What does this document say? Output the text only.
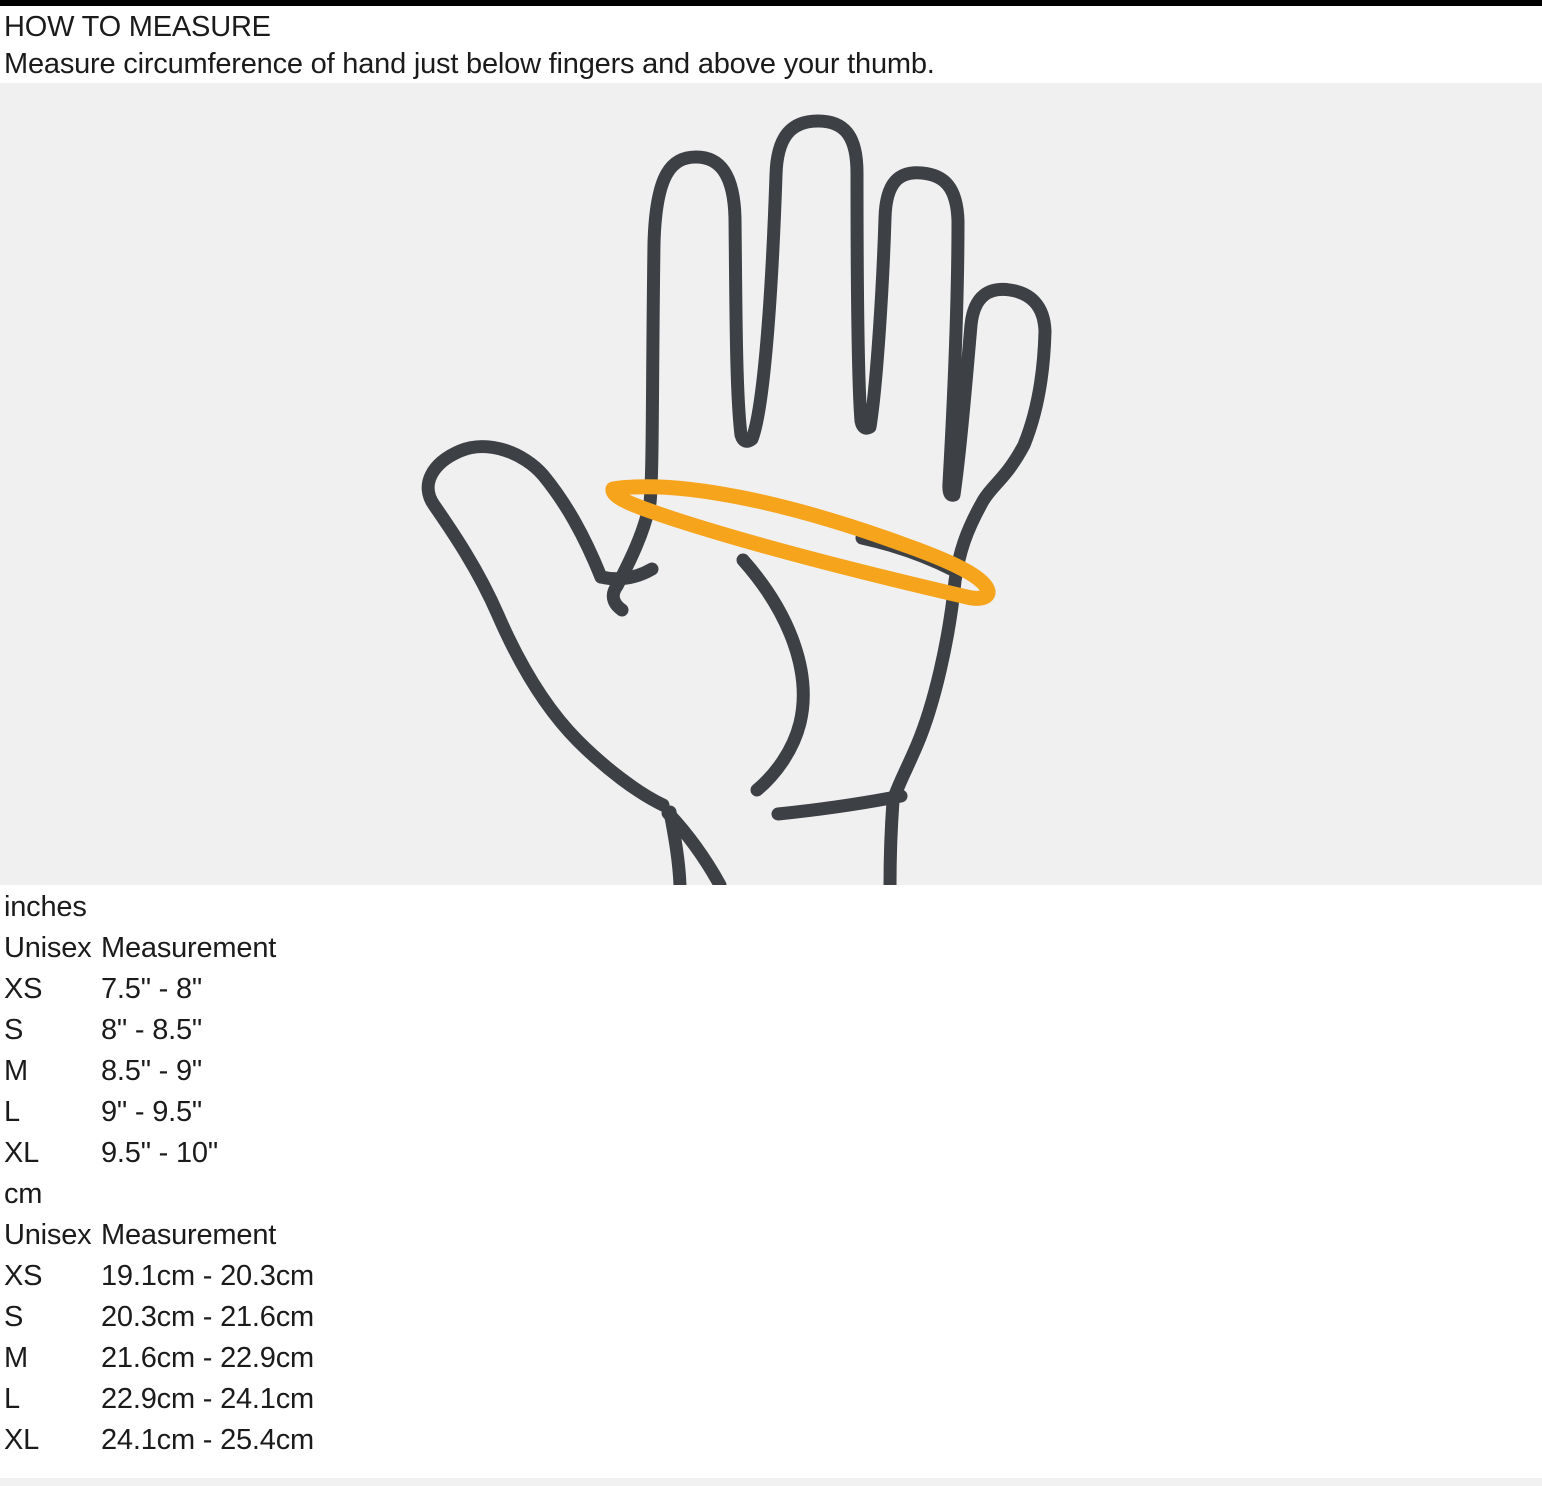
HOW TO MEASURE
Measure circumference of hand just below fingers and above your thumb.
inches
Unisex Measurement
XS	7.5" - 8"
S	8" - 8.5"
M	8.5" - 9"
L	9" - 9.5"
XL	9.5" - 10"
cm
Unisex Measurement
XS	19.1cm - 20.3cm
S	20.3cm - 21.6cm
M	21.6cm - 22.9cm
L	22.9cm - 24.1cm
XL	24.1cm - 25.4cm
